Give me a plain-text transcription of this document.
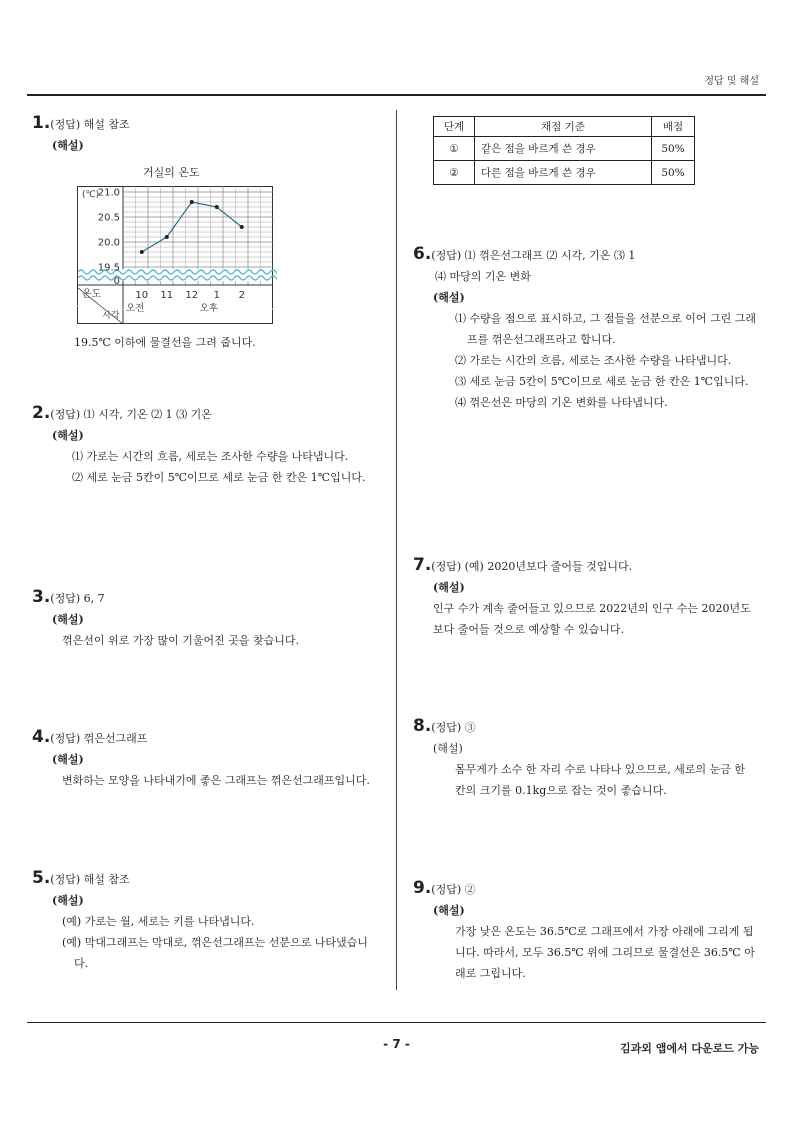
정답 및 해설
1.(정답) 해설 참조
(해설)
거실의 온도
21.0
20.5
20.0
19.5
0
(℃)
온도
시각
10 11 12 1 2
오전	오후
19.5℃ 이하에 물결선을 그려 줍니다.
2.(정답) ⑴ 시각, 기온 ⑵ 1 ⑶ 기온
(해설)
⑴ 가로는 시간의 흐름, 세로는 조사한 수량을 나타냅니다.
⑵ 세로 눈금 5칸이 5℃이므로 세로 눈금 한 칸은 1℃입니다.
3.(정답) 6, 7
(해설)
꺾은선이 위로 가장 많이 기울어진 곳을 찾습니다.
4.(정답) 꺾은선그래프
(해설)
변화하는 모양을 나타내기에 좋은 그래프는 꺾은선그래프입니다.
5.(정답) 해설 참조
(해설)
(예) 가로는 월, 세로는 키를 나타냅니다.
(예) 막대그래프는 막대로, 꺾은선그래프는 선분으로 나타냈습니다.
단계	채점 기준	배점
①	같은 점을 바르게 쓴 경우	50%
②	다른 점을 바르게 쓴 경우	50%
6.(정답) ⑴ 꺾은선그래프 ⑵ 시각, 기온 ⑶ 1
⑷ 마당의 기온 변화
(해설)
⑴ 수량을 점으로 표시하고, 그 점들을 선분으로 이어 그린 그래프를 꺾은선그래프라고 합니다.
⑵ 가로는 시간의 흐름, 세로는 조사한 수량을 나타냅니다.
⑶ 세로 눈금 5칸이 5℃이므로 세로 눈금 한 칸은 1℃입니다.
⑷ 꺾은선은 마당의 기온 변화를 나타냅니다.
7.(정답) (예) 2020년보다 줄어들 것입니다.
(해설)
인구 수가 계속 줄어들고 있으므로 2022년의 인구 수는 2020년도보다 줄어들 것으로 예상할 수 있습니다.
8.(정답) ③
(해설)
몸무게가 소수 한 자리 수로 나타나 있으므로, 세로의 눈금 한 칸의 크기를 0.1kg으로 잡는 것이 좋습니다.
9.(정답) ②
(해설)
가장 낮은 온도는 36.5℃로 그래프에서 가장 아래에 그리게 됩니다. 따라서, 모두 36.5℃ 위에 그리므로 물결선은 36.5℃ 아래로 그립니다.
- 7 -	김과외 앱에서 다운로드 가능
